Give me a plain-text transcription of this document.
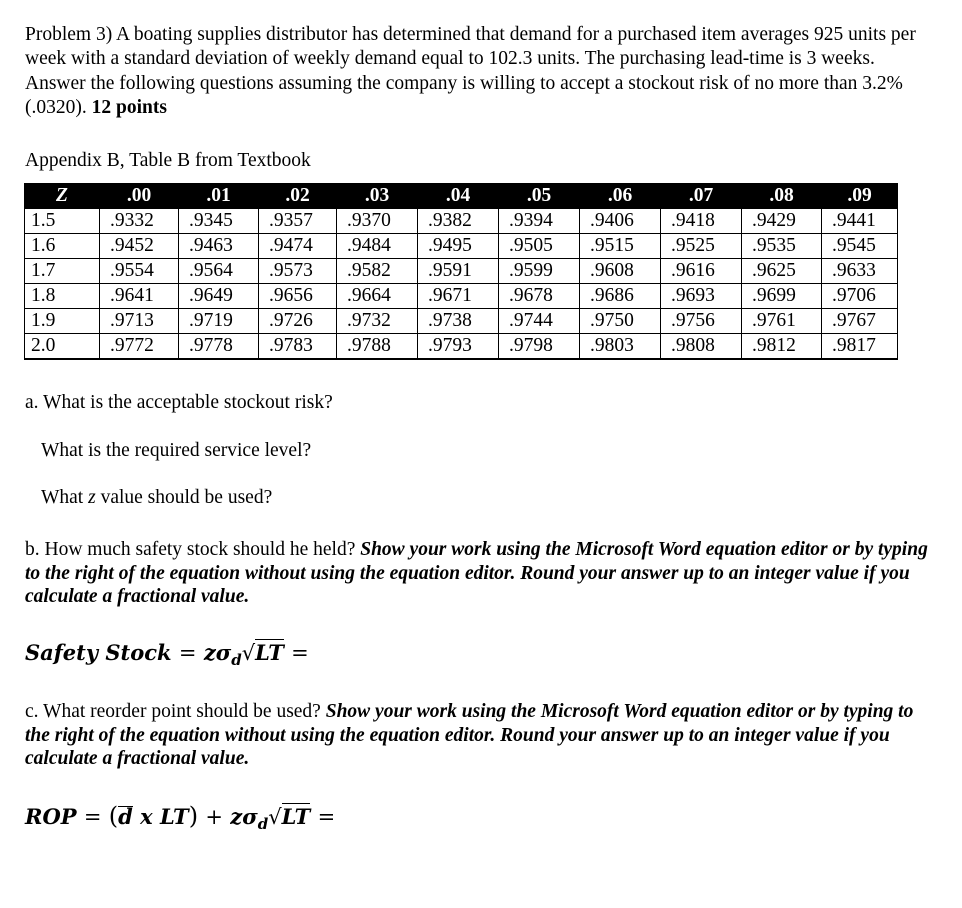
Problem 3) A boating supplies distributor has determined that demand for a purchased item averages 925 units per week with a standard deviation of weekly demand equal to 102.3 units. The purchasing lead-time is 3 weeks. Answer the following questions assuming the company is willing to accept a stockout risk of no more than 3.2% (.0320). 12 points
Appendix B, Table B from Textbook
Z	.00	.01	.02	.03	.04	.05	.06	.07	.08	.09
1.5	.9332	.9345	.9357	.9370	.9382	.9394	.9406	.9418	.9429	.9441
1.6	.9452	.9463	.9474	.9484	.9495	.9505	.9515	.9525	.9535	.9545
1.7	.9554	.9564	.9573	.9582	.9591	.9599	.9608	.9616	.9625	.9633
1.8	.9641	.9649	.9656	.9664	.9671	.9678	.9686	.9693	.9699	.9706
1.9	.9713	.9719	.9726	.9732	.9738	.9744	.9750	.9756	.9761	.9767
2.0	.9772	.9778	.9783	.9788	.9793	.9798	.9803	.9808	.9812	.9817
a. What is the acceptable stockout risk?
What is the required service level?
What z value should be used?
b. How much safety stock should he held? Show your work using the Microsoft Word equation editor or by typing to the right of the equation without using the equation editor. Round your answer up to an integer value if you calculate a fractional value.
Safety Stock = $z\sigma_d√LT$ =
c. What reorder point should be used? Show your work using the Microsoft Word equation editor or by typing to the right of the equation without using the equation editor. Round your answer up to an integer value if you calculate a fractional value.
ROP = (d x $LT) + z\sigma_d√LT$ =
